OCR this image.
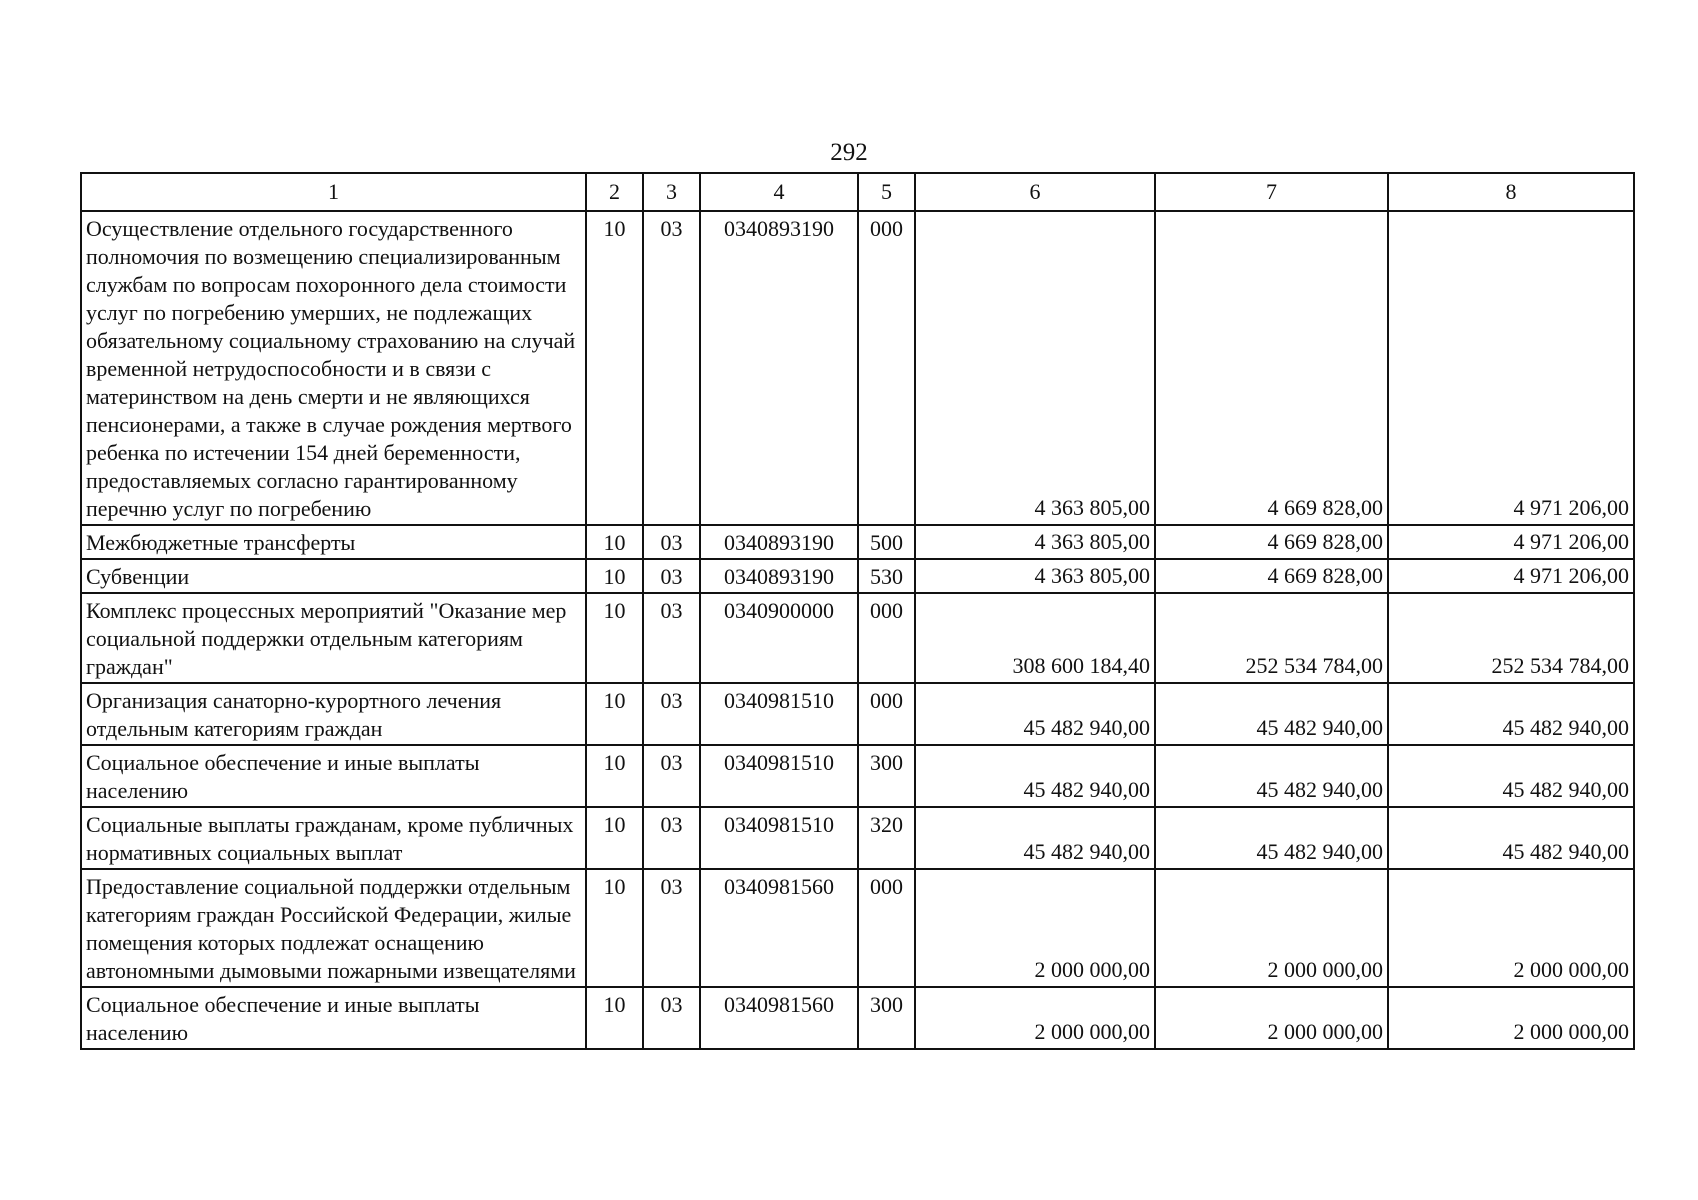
292
1	2	3	4	5	6	7	8
Осуществление отдельного государственного полномочия по возмещению специализированным службам по вопросам похоронного дела стоимости услуг по погребению умерших, не подлежащих обязательному социальному страхованию на случай временной нетрудоспособности и в связи с материнством на день смерти и не являющихся пенсионерами, а также в случае рождения мертвого ребенка по истечении 154 дней беременности, предоставляемых согласно гарантированному перечню услуг по погребению	10	03	0340893190	000	4 363 805,00	4 669 828,00	4 971 206,00
Межбюджетные трансферты	10	03	0340893190	500	4 363 805,00	4 669 828,00	4 971 206,00
Субвенции	10	03	0340893190	530	4 363 805,00	4 669 828,00	4 971 206,00
Комплекс процессных мероприятий "Оказание мер социальной поддержки отдельным категориям граждан"	10	03	0340900000	000	308 600 184,40	252 534 784,00	252 534 784,00
Организация санаторно-курортного лечения отдельным категориям граждан	10	03	0340981510	000	45 482 940,00	45 482 940,00	45 482 940,00
Социальное обеспечение и иные выплаты населению	10	03	0340981510	300	45 482 940,00	45 482 940,00	45 482 940,00
Социальные выплаты гражданам, кроме публичных нормативных социальных выплат	10	03	0340981510	320	45 482 940,00	45 482 940,00	45 482 940,00
Предоставление социальной поддержки отдельным категориям граждан Российской Федерации, жилые помещения которых подлежат оснащению автономными дымовыми пожарными извещателями	10	03	0340981560	000	2 000 000,00	2 000 000,00	2 000 000,00
Социальное обеспечение и иные выплаты населению	10	03	0340981560	300	2 000 000,00	2 000 000,00	2 000 000,00
